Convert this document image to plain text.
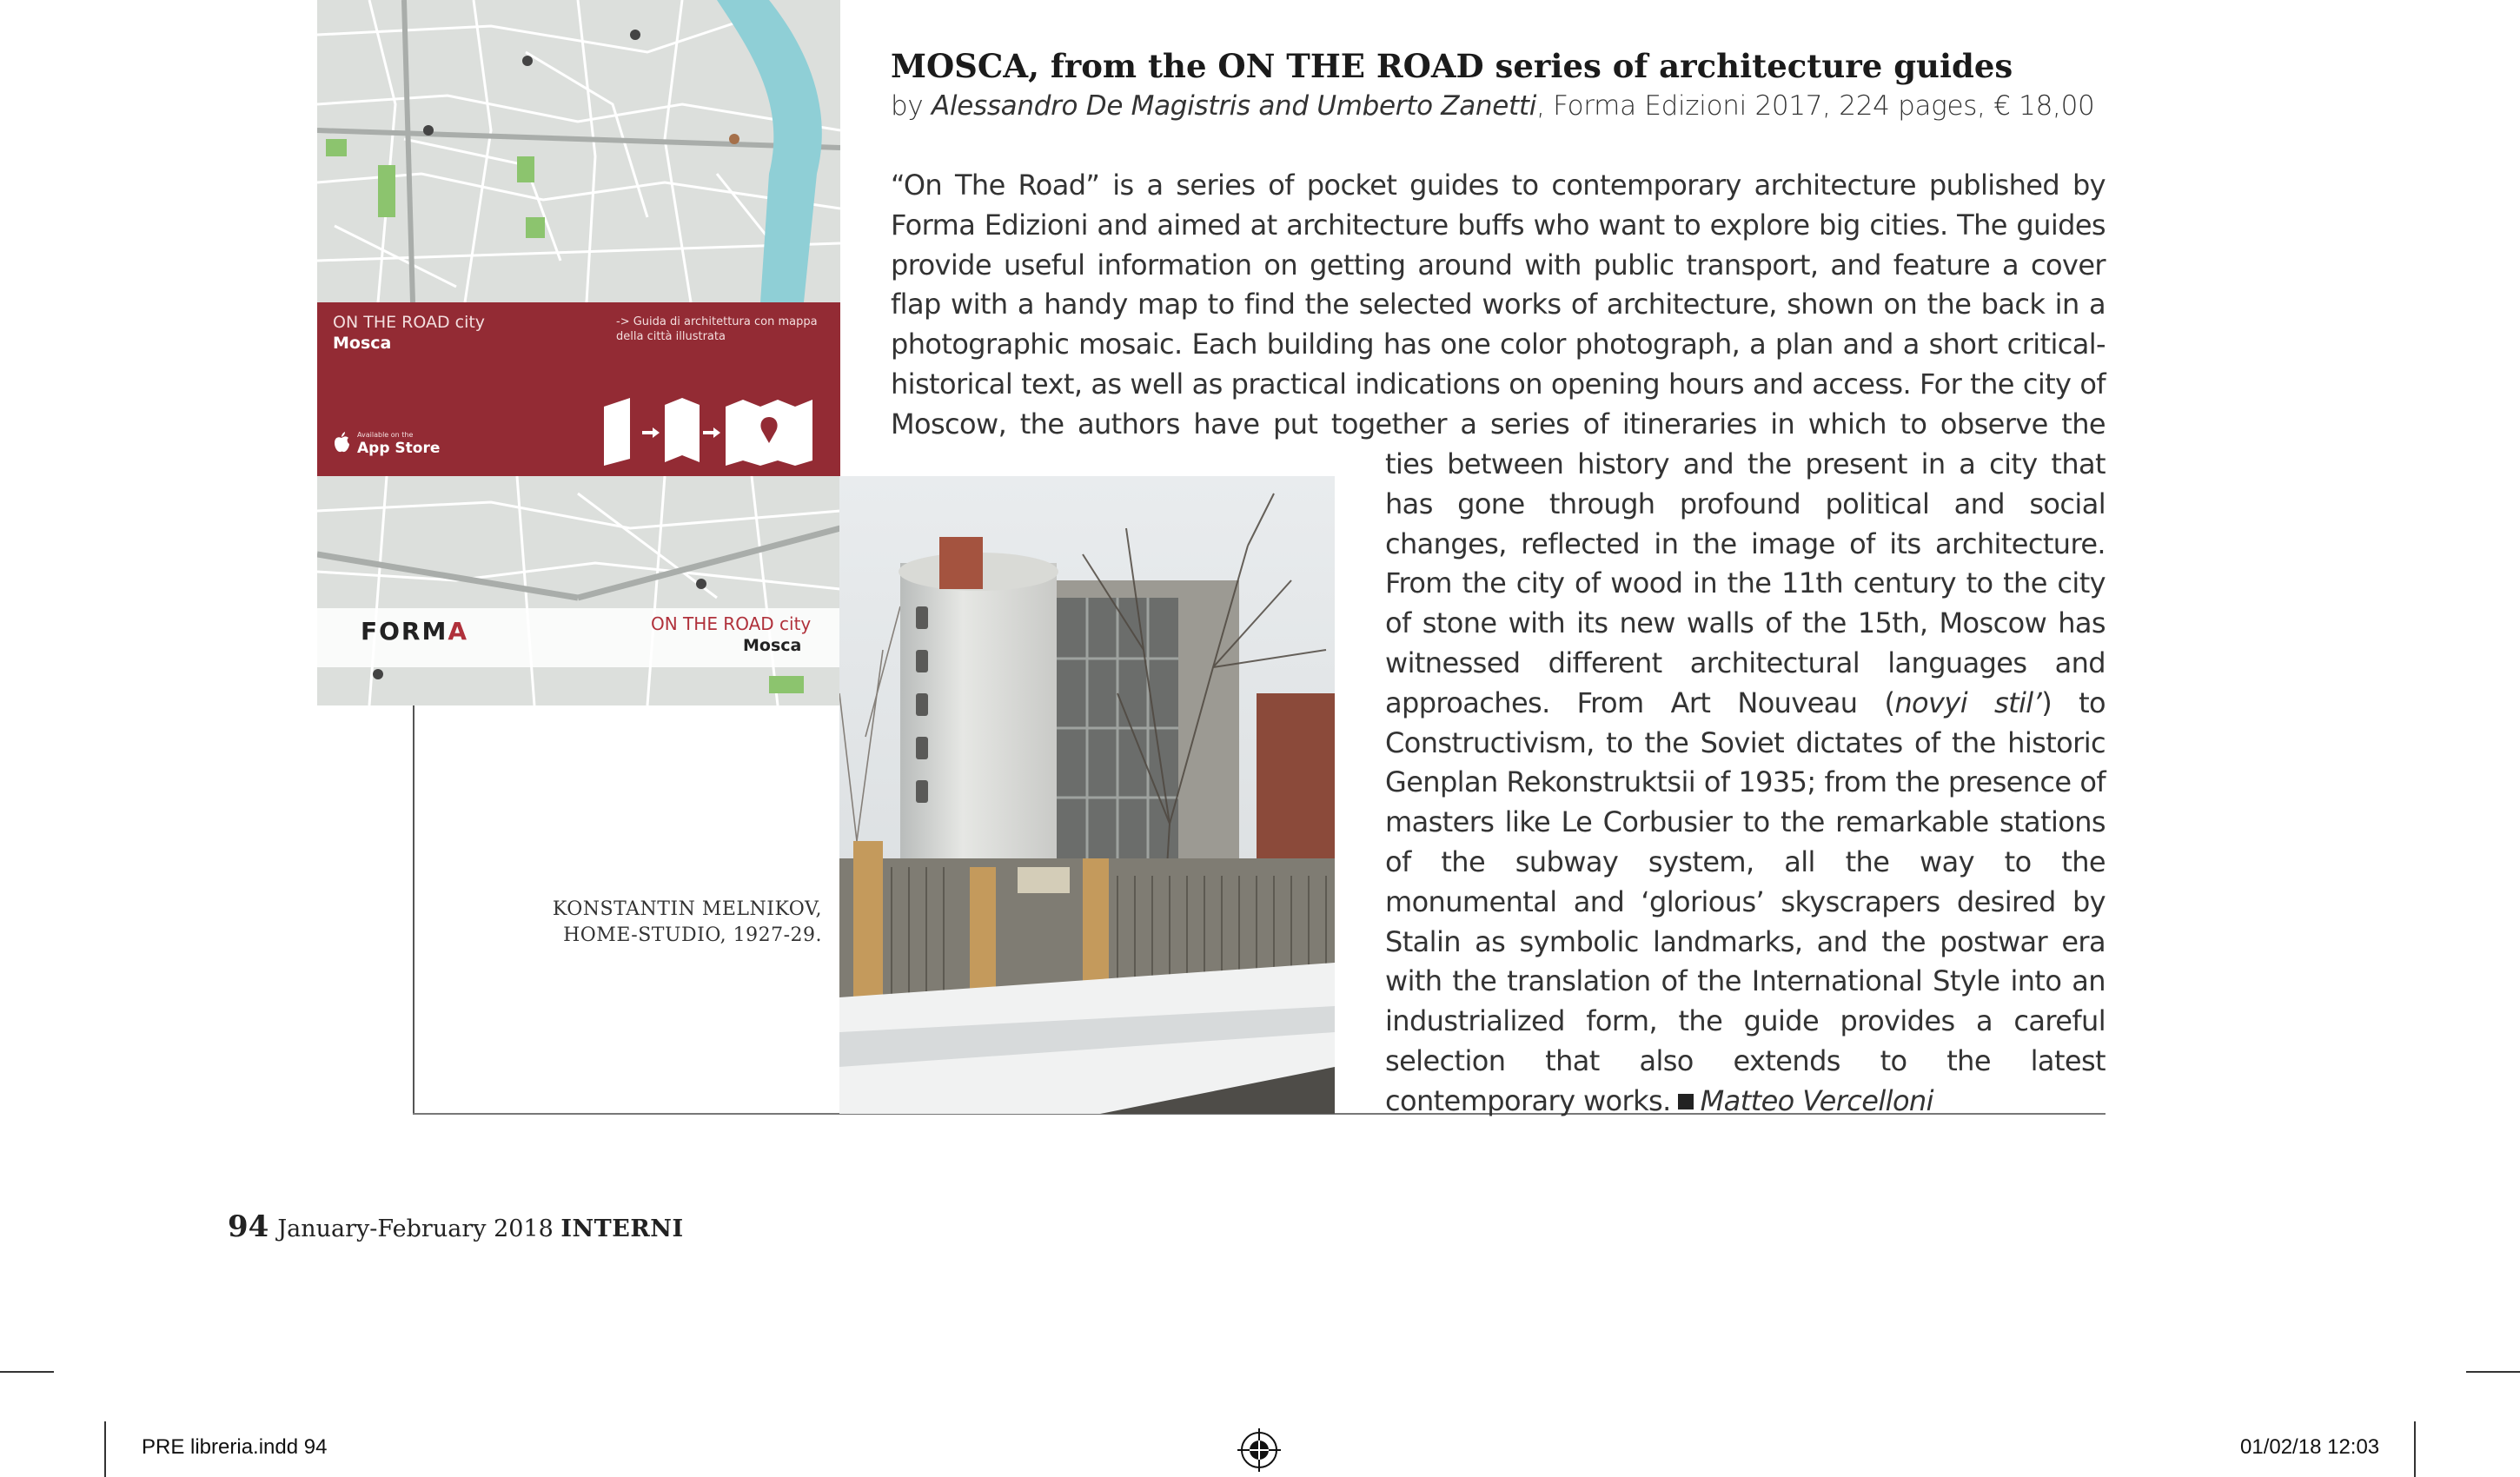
ON THE ROAD city
Mosca
-> Guida di architettura con mappa della città illustrata
Available on the
App Store
FORMA	ON THE ROAD city
Mosca
KONSTANTIN MELNIKOV,
HOME-STUDIO, 1927-29.
MOSCA, from the ON THE ROAD series of architecture guides
by Alessandro De Magistris and Umberto Zanetti, Forma Edizioni 2017, 224 pages, € 18,00

“On The Road” is a series of pocket guides to contemporary architecture published by Forma Edizioni and aimed at architecture buffs who want to explore big cities. The guides provide useful information on getting around with public transport, and feature a cover flap with a handy map to find the selected works of architecture, shown on the back in a photographic mosaic. Each building has one color photograph, a plan and a short critical-historical text, as well as practical indications on opening hours and access. For the city of Moscow, the authors have put together a series of itineraries in which to observe the

ties between history and the present in a city that has gone through profound political and social changes, reflected in the image of its architecture. From the city of wood in the 11th century to the city of stone with its new walls of the 15th, Moscow has witnessed different architectural languages and approaches. From Art Nouveau (novyi stil’) to Constructivism, to the Soviet dictates of the historic Genplan Rekonstruktsii of 1935; from the presence of masters like Le Corbusier to the remarkable stations of the subway system, all the way to the monumental and ‘glorious’ skyscrapers desired by Stalin as symbolic landmarks, and the postwar era with the translation of the International Style into an industrialized form, the guide provides a careful selection that also extends to the latest contemporary works. Matteo Vercelloni

94 January-February 2018 INTERNI
PRE libreria.indd 94	01/02/18 12:03
